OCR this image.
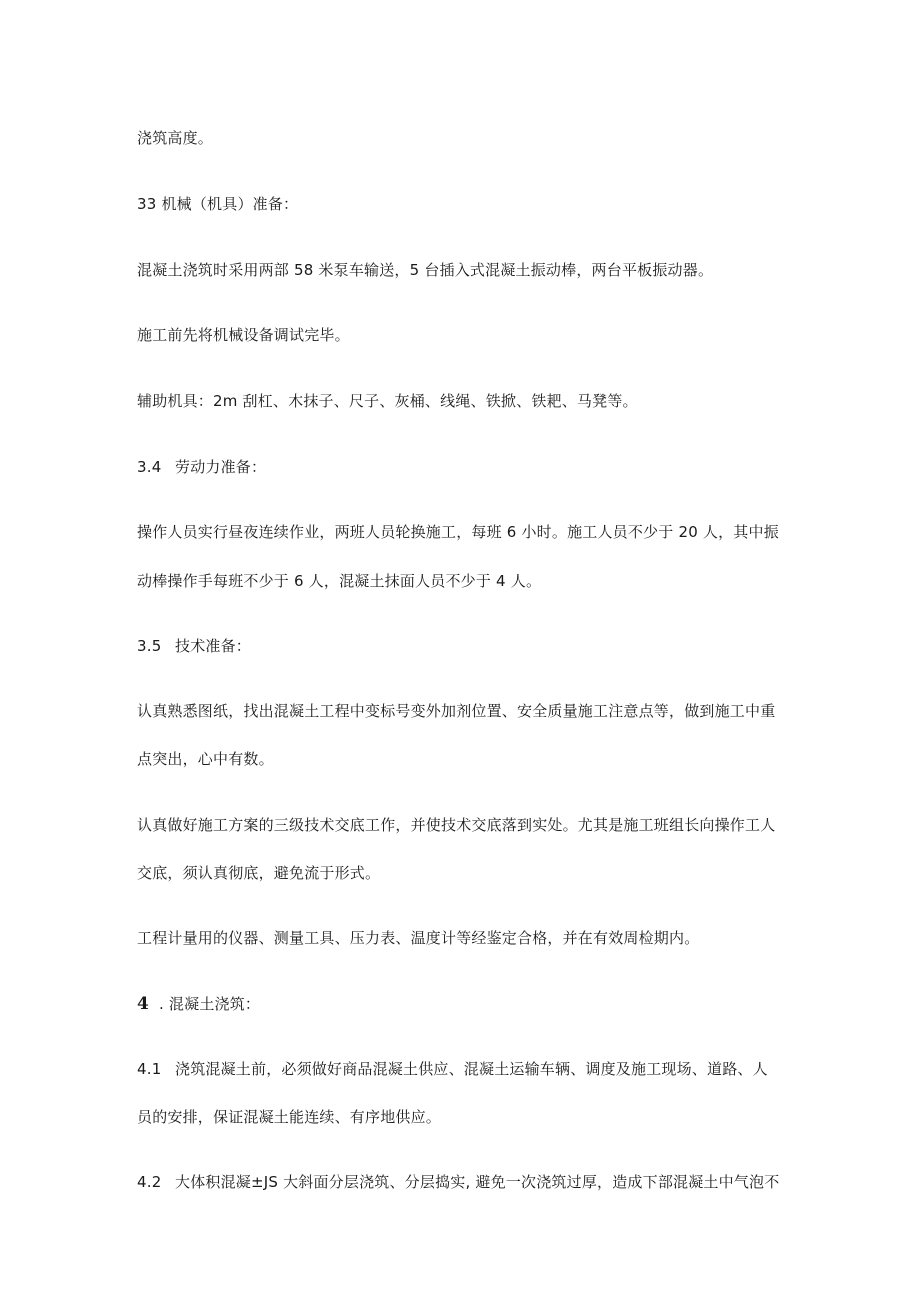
浇筑高度。
33 机械（机具）准备：
混凝土浇筑时采用两部 58 米泵车输送，5 台插入式混凝土振动棒，两台平板振动器。
施工前先将机械设备调试完毕。
辅助机具：2m 刮杠、木抹子、尺子、灰桶、线绳、铁掀、铁耙、马凳等。
3.4 劳动力准备：
操作人员实行昼夜连续作业，两班人员轮换施工，每班 6 小时。施工人员不少于 20 人，其中振
动棒操作手每班不少于 6 人，混凝土抹面人员不少于 4 人。
3.5 技术准备：
认真熟悉图纸，找出混凝土工程中变标号变外加剂位置、安全质量施工注意点等，做到施工中重
点突出，心中有数。
认真做好施工方案的三级技术交底工作，并使技术交底落到实处。尤其是施工班组长向操作工人
交底，须认真彻底，避免流于形式。
工程计量用的仪器、测量工具、压力表、温度计等经鉴定合格，并在有效周检期内。
4 . 混凝土浇筑：
4.1 浇筑混凝土前，必须做好商品混凝土供应、混凝土运输车辆、调度及施工现场、道路、人
员的安排，保证混凝土能连续、有序地供应。
4.2 大体积混凝±JS 大斜面分层浇筑、分层捣实, 避免一次浇筑过厚，造成下部混凝土中气泡不
